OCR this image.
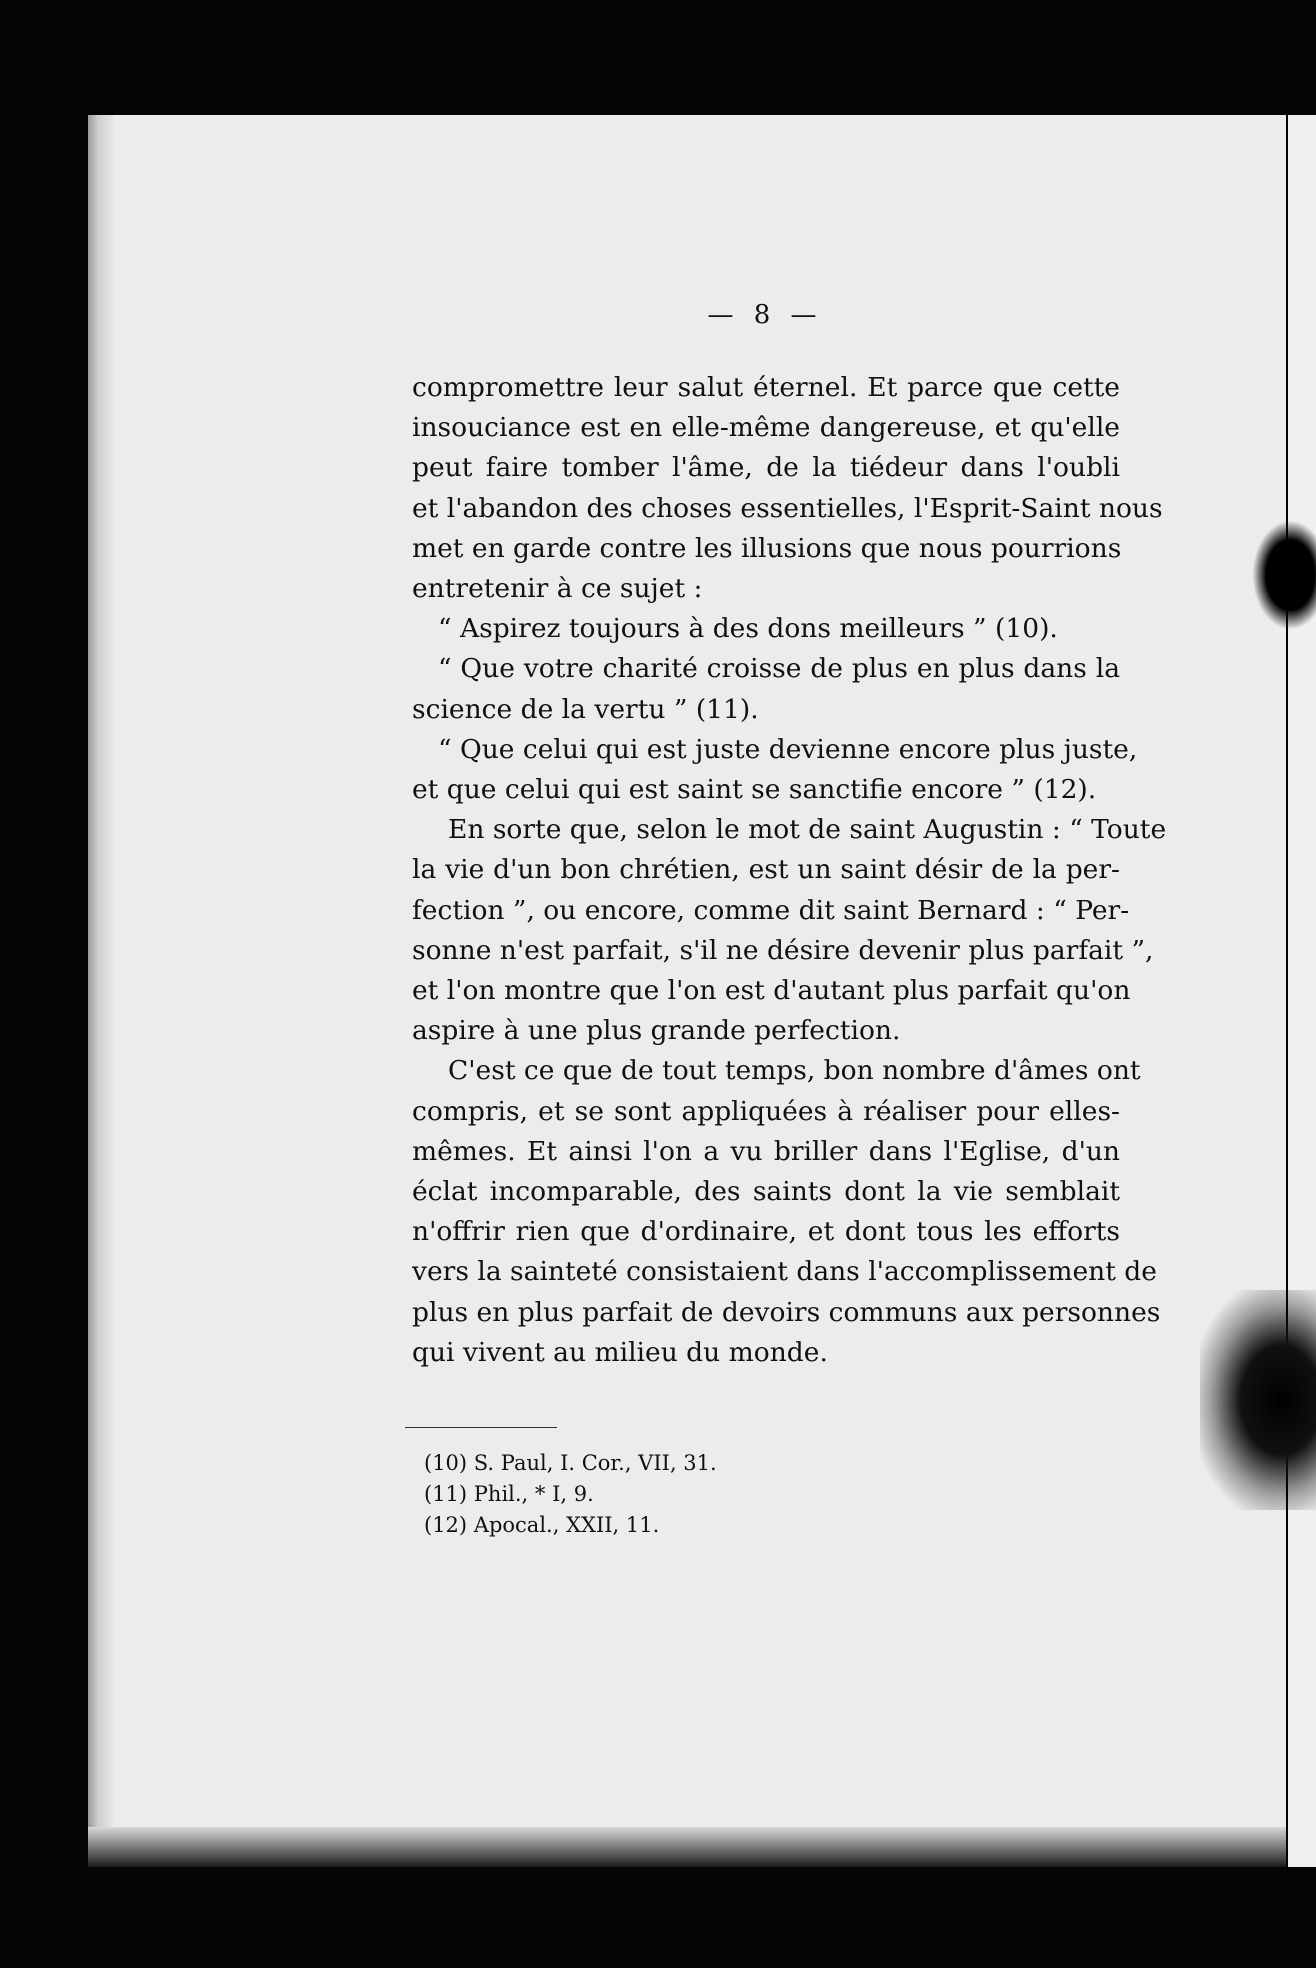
— 8 —
compromettre leur salut éternel. Et parce que cette
insouciance est en elle-même dangereuse, et qu'elle
peut faire tomber l'âme, de la tiédeur dans l'oubli
et l'abandon des choses essentielles, l'Esprit-Saint nous
met en garde contre les illusions que nous pourrions
entretenir à ce sujet :
“ Aspirez toujours à des dons meilleurs ” (10).
“ Que votre charité croisse de plus en plus dans la
science de la vertu ” (11).
“ Que celui qui est juste devienne encore plus juste,
et que celui qui est saint se sanctifie encore ” (12).
En sorte que, selon le mot de saint Augustin : “ Toute
la vie d'un bon chrétien, est un saint désir de la per-
fection ”, ou encore, comme dit saint Bernard : “ Per-
sonne n'est parfait, s'il ne désire devenir plus parfait ”,
et l'on montre que l'on est d'autant plus parfait qu'on
aspire à une plus grande perfection.
C'est ce que de tout temps, bon nombre d'âmes ont
compris, et se sont appliquées à réaliser pour elles-
mêmes. Et ainsi l'on a vu briller dans l'Eglise, d'un
éclat incomparable, des saints dont la vie semblait
n'offrir rien que d'ordinaire, et dont tous les efforts
vers la sainteté consistaient dans l'accomplissement de
plus en plus parfait de devoirs communs aux personnes
qui vivent au milieu du monde.
(10) S. Paul, I. Cor., VII, 31.
(11) Phil., * I, 9.
(12) Apocal., XXII, 11.
